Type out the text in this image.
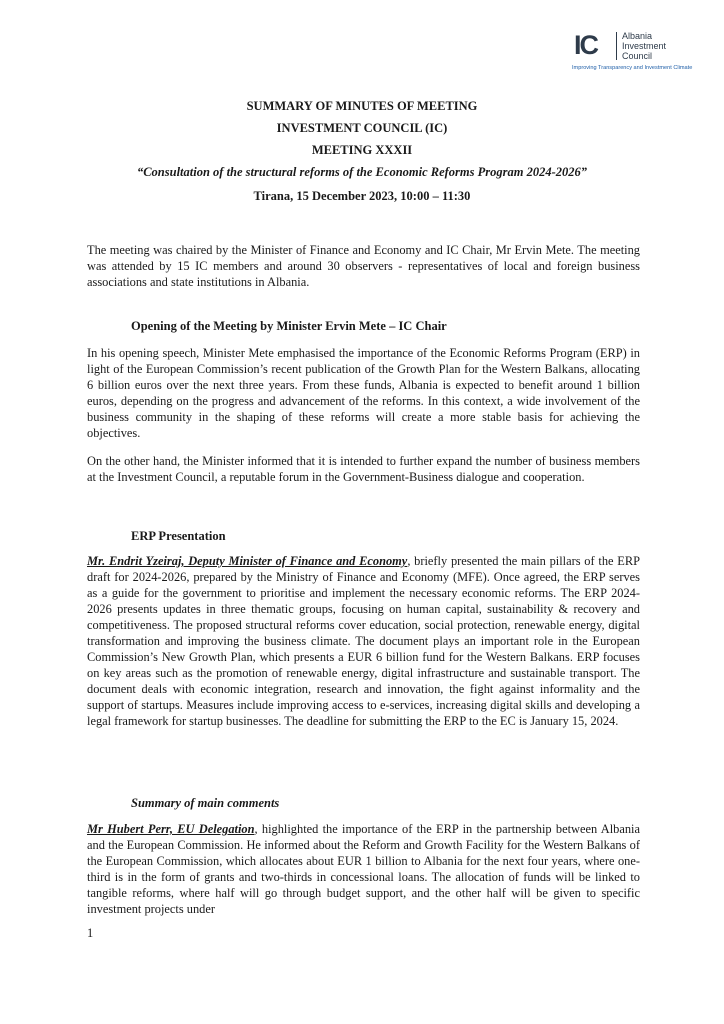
IC	Albania
Investment
Council
Improving Transparency and Investment Climate
SUMMARY OF MINUTES OF MEETING
INVESTMENT COUNCIL (IC)
MEETING XXXII
“Consultation of the structural reforms of the Economic Reforms Program 2024-2026”
Tirana, 15 December 2023, 10:00 – 11:30
The meeting was chaired by the Minister of Finance and Economy and IC Chair, Mr Ervin Mete. The meeting was attended by 15 IC members and around 30 observers - representatives of local and foreign business associations and state institutions in Albania.
Opening of the Meeting by Minister Ervin Mete – IC Chair
In his opening speech, Minister Mete emphasised the importance of the Economic Reforms Program (ERP) in light of the European Commission’s recent publication of the Growth Plan for the Western Balkans, allocating 6 billion euros over the next three years. From these funds, Albania is expected to benefit around 1 billion euros, depending on the progress and advancement of the reforms. In this context, a wide involvement of the business community in the shaping of these reforms will create a more stable basis for achieving the objectives.
On the other hand, the Minister informed that it is intended to further expand the number of business members at the Investment Council, a reputable forum in the Government-Business dialogue and cooperation.
ERP Presentation
Mr. Endrit Yzeiraj, Deputy Minister of Finance and Economy, briefly presented the main pillars of the ERP draft for 2024-2026, prepared by the Ministry of Finance and Economy (MFE). Once agreed, the ERP serves as a guide for the government to prioritise and implement the necessary economic reforms. The ERP 2024-2026 presents updates in three thematic groups, focusing on human capital, sustainability & recovery and competitiveness. The proposed structural reforms cover education, social protection, renewable energy, digital transformation and improving the business climate. The document plays an important role in the European Commission’s New Growth Plan, which presents a EUR 6 billion fund for the Western Balkans. ERP focuses on key areas such as the promotion of renewable energy, digital infrastructure and sustainable transport. The document deals with economic integration, research and innovation, the fight against informality and the support of startups. Measures include improving access to e-services, increasing digital skills and developing a legal framework for startup businesses. The deadline for submitting the ERP to the EC is January 15, 2024.
Summary of main comments
Mr Hubert Perr, EU Delegation, highlighted the importance of the ERP in the partnership between Albania and the European Commission. He informed about the Reform and Growth Facility for the Western Balkans of the European Commission, which allocates about EUR 1 billion to Albania for the next four years, where one-third is in the form of grants and two-thirds in concessional loans. The allocation of funds will be linked to tangible reforms, where half will go through budget support, and the other half will be given to specific investment projects under
1
